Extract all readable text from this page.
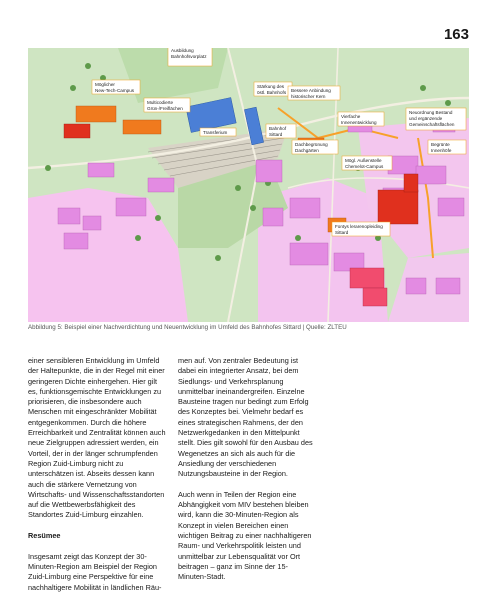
163
Ausbildung
Bahnhofsvorplatz
Möglicher
New-Tech-Campus
Stärkung des
östl. Bahnhofs Bessere Anbindung
historischer Kern
Multicodierte
Grün-/Freiflächen
Vierfache
Innenentwicklung
Neuordnung Bestand
und ergänzende
Gemeinschaftsflächen
Transferium
Bahnhof
Sittard
Dachbegrünung
Dachgärten
Begrünte
Innenhöfe
Mögl. Außenstelle
Chemelot-Campus
Fontys lerarenopleiding
Sittard
Abbildung 5: Beispiel einer Nachverdichtung und Neuentwicklung im Umfeld des Bahnhofes Sittard | Quelle: ZLTEU

einer sensibleren Entwicklung im Umfeld der Haltepunkte, die in der Regel mit einer geringeren Dichte einhergehen. Hier gilt es, funktionsgemischte Entwicklungen zu priorisieren, die insbesondere auch Menschen mit eingeschränkter Mobilität entgegenkommen. Durch die höhere Erreichbarkeit und Zentralität können auch neue Zielgruppen adressiert werden, ein Vorteil, der in der länger schrumpfenden Region Zuid-Limburg nicht zu unterschätzen ist. Abseits dessen kann auch die stärkere Vernetzung von Wirtschafts- und Wissenschaftsstandorten auf die Wettbewerbsfähigkeit des Standortes Zuid-Limburg einzahlen.

Resümee

Insgesamt zeigt das Konzept der 30-Minuten-Region am Beispiel der Region Zuid-Limburg eine Perspektive für eine nachhaltigere Mobilität in ländlichen Räu-

men auf. Von zentraler Bedeutung ist dabei ein integrierter Ansatz, bei dem Siedlungs- und Verkehrsplanung unmittelbar ineinandergreifen. Einzelne Bausteine tragen nur bedingt zum Erfolg des Konzeptes bei. Vielmehr bedarf es eines strategischen Rahmens, der den Netzwerkgedanken in den Mittelpunkt stellt. Dies gilt sowohl für den Ausbau des Wegenetzes an sich als auch für die Ansiedlung der verschiedenen Nutzungsbausteine in der Region.

Auch wenn in Teilen der Region eine Abhängigkeit vom MIV bestehen bleiben wird, kann die 30-Minuten-Region als Konzept in vielen Bereichen einen wichtigen Beitrag zu einer nachhaltigeren Raum- und Verkehrspolitik leisten und unmittelbar zur Lebensqualität vor Ort beitragen – ganz im Sinne der 15-Minuten-Stadt.
